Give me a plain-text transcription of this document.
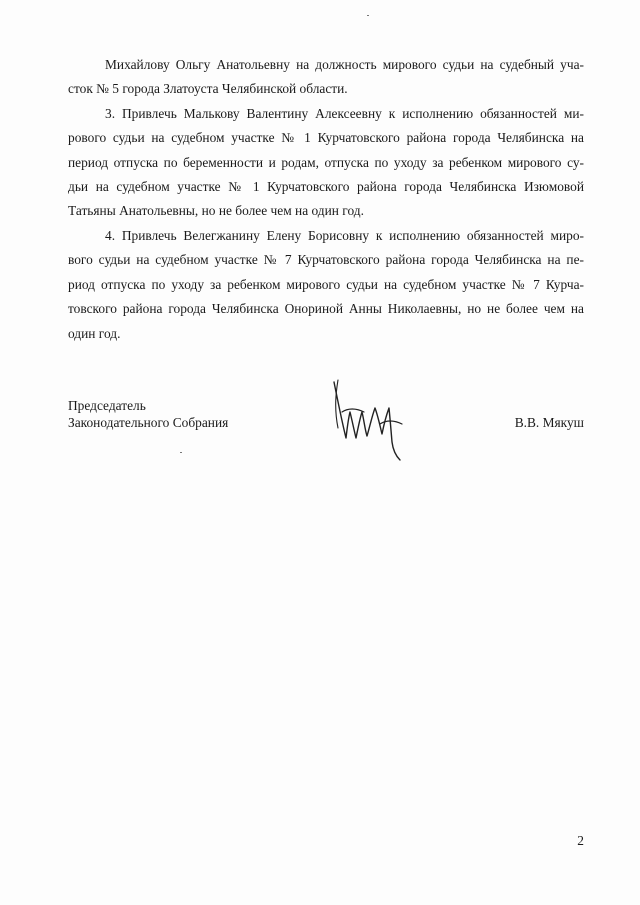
Михайлову Ольгу Анатольевну на должность мирового судьи на судебный уча-
сток № 5 города Златоуста Челябинской области.
3. Привлечь Малькову Валентину Алексеевну к исполнению обязанностей ми-
рового судьи на судебном участке № 1 Курчатовского района города Челябинска на
период отпуска по беременности и родам, отпуска по уходу за ребенком мирового су-
дьи на судебном участке № 1 Курчатовского района города Челябинска Изюмовой
Татьяны Анатольевны, но не более чем на один год.
4. Привлечь Велегжанину Елену Борисовну к исполнению обязанностей миро-
вого судьи на судебном участке № 7 Курчатовского района города Челябинска на пе-
риод отпуска по уходу за ребенком мирового судьи на судебном участке № 7 Курча-
товского района города Челябинска Оноринoй Анны Николаевны, но не более чем на
один год.
Председатель
Законодательного Собрания	В.В. Мякуш
2
